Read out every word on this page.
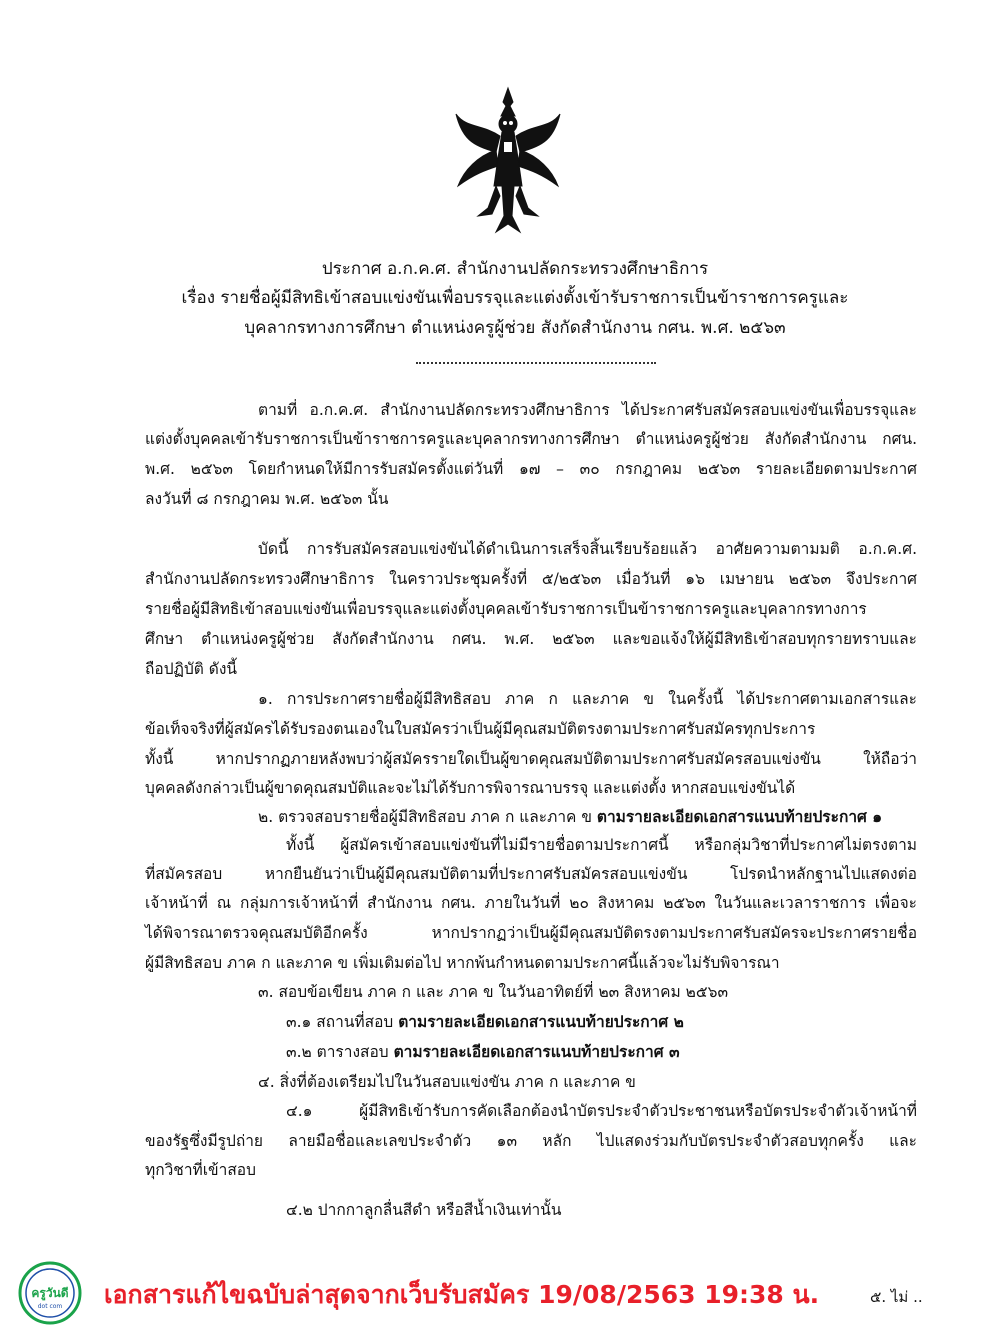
ประกาศ อ.ก.ค.ศ. สำนักงานปลัดกระทรวงศึกษาธิการ
เรื่อง รายชื่อผู้มีสิทธิเข้าสอบแข่งขันเพื่อบรรจุและแต่งตั้งเข้ารับราชการเป็นข้าราชการครูและ
บุคลากรทางการศึกษา ตำแหน่งครูผู้ช่วย สังกัดสำนักงาน กศน. พ.ศ. ๒๕๖๓
ตามที่ อ.ก.ค.ศ. สำนักงานปลัดกระทรวงศึกษาธิการ ได้ประกาศรับสมัครสอบแข่งขันเพื่อบรรจุและ
แต่งตั้งบุคคลเข้ารับราชการเป็นข้าราชการครูและบุคลากรทางการศึกษา ตำแหน่งครูผู้ช่วย สังกัดสำนักงาน กศน.
พ.ศ. ๒๕๖๓ โดยกำหนดให้มีการรับสมัครตั้งแต่วันที่ ๑๗ – ๓๐ กรกฎาคม ๒๕๖๓ รายละเอียดตามประกาศ
ลงวันที่ ๘ กรกฎาคม พ.ศ. ๒๕๖๓ นั้น
บัดนี้ การรับสมัครสอบแข่งขันได้ดำเนินการเสร็จสิ้นเรียบร้อยแล้ว อาศัยความตามมติ อ.ก.ค.ศ.
สำนักงานปลัดกระทรวงศึกษาธิการ ในคราวประชุมครั้งที่ ๕/๒๕๖๓ เมื่อวันที่ ๑๖ เมษายน ๒๕๖๓ จึงประกาศ
รายชื่อผู้มีสิทธิเข้าสอบแข่งขันเพื่อบรรจุและแต่งตั้งบุคคลเข้ารับราชการเป็นข้าราชการครูและบุคลากรทางการ
ศึกษา ตำแหน่งครูผู้ช่วย สังกัดสำนักงาน กศน. พ.ศ. ๒๕๖๓ และขอแจ้งให้ผู้มีสิทธิเข้าสอบทุกรายทราบและ
ถือปฏิบัติ ดังนี้
๑. การประกาศรายชื่อผู้มีสิทธิสอบ ภาค ก และภาค ข ในครั้งนี้ ได้ประกาศตามเอกสารและ
ข้อเท็จจริงที่ผู้สมัครได้รับรองตนเองในใบสมัครว่าเป็นผู้มีคุณสมบัติตรงตามประกาศรับสมัครทุกประการ
ทั้งนี้ หากปรากฏภายหลังพบว่าผู้สมัครรายใดเป็นผู้ขาดคุณสมบัติตามประกาศรับสมัครสอบแข่งขัน ให้ถือว่า
บุคคลดังกล่าวเป็นผู้ขาดคุณสมบัติและจะไม่ได้รับการพิจารณาบรรจุ และแต่งตั้ง หากสอบแข่งขันได้
๒. ตรวจสอบรายชื่อผู้มีสิทธิสอบ ภาค ก และภาค ข ตามรายละเอียดเอกสารแนบท้ายประกาศ ๑
ทั้งนี้ ผู้สมัครเข้าสอบแข่งขันที่ไม่มีรายชื่อตามประกาศนี้ หรือกลุ่มวิชาที่ประกาศไม่ตรงตาม
ที่สมัครสอบ หากยืนยันว่าเป็นผู้มีคุณสมบัติตามที่ประกาศรับสมัครสอบแข่งขัน โปรดนำหลักฐานไปแสดงต่อ
เจ้าหน้าที่ ณ กลุ่มการเจ้าหน้าที่ สำนักงาน กศน. ภายในวันที่ ๒๐ สิงหาคม ๒๕๖๓ ในวันและเวลาราชการ เพื่อจะ
ได้พิจารณาตรวจคุณสมบัติอีกครั้ง หากปรากฏว่าเป็นผู้มีคุณสมบัติตรงตามประกาศรับสมัครจะประกาศรายชื่อ
ผู้มีสิทธิสอบ ภาค ก และภาค ข เพิ่มเติมต่อไป หากพ้นกำหนดตามประกาศนี้แล้วจะไม่รับพิจารณา
๓. สอบข้อเขียน ภาค ก และ ภาค ข ในวันอาทิตย์ที่ ๒๓ สิงหาคม ๒๕๖๓
๓.๑ สถานที่สอบ ตามรายละเอียดเอกสารแนบท้ายประกาศ ๒
๓.๒ ตารางสอบ ตามรายละเอียดเอกสารแนบท้ายประกาศ ๓
๔. สิ่งที่ต้องเตรียมไปในวันสอบแข่งขัน ภาค ก และภาค ข
๔.๑ ผู้มีสิทธิเข้ารับการคัดเลือกต้องนำบัตรประจำตัวประชาชนหรือบัตรประจำตัวเจ้าหน้าที่
ของรัฐซึ่งมีรูปถ่าย ลายมือชื่อและเลขประจำตัว ๑๓ หลัก ไปแสดงร่วมกับบัตรประจำตัวสอบทุกครั้ง และ
ทุกวิชาที่เข้าสอบ
๔.๒ ปากกาลูกลื่นสีดำ หรือสีน้ำเงินเท่านั้น
ครูวันดี
dot com เอกสารแก้ไขฉบับล่าสุดจากเว็บรับสมัคร 19/08/2563 19:38 น.	๕. ไม่ ..
